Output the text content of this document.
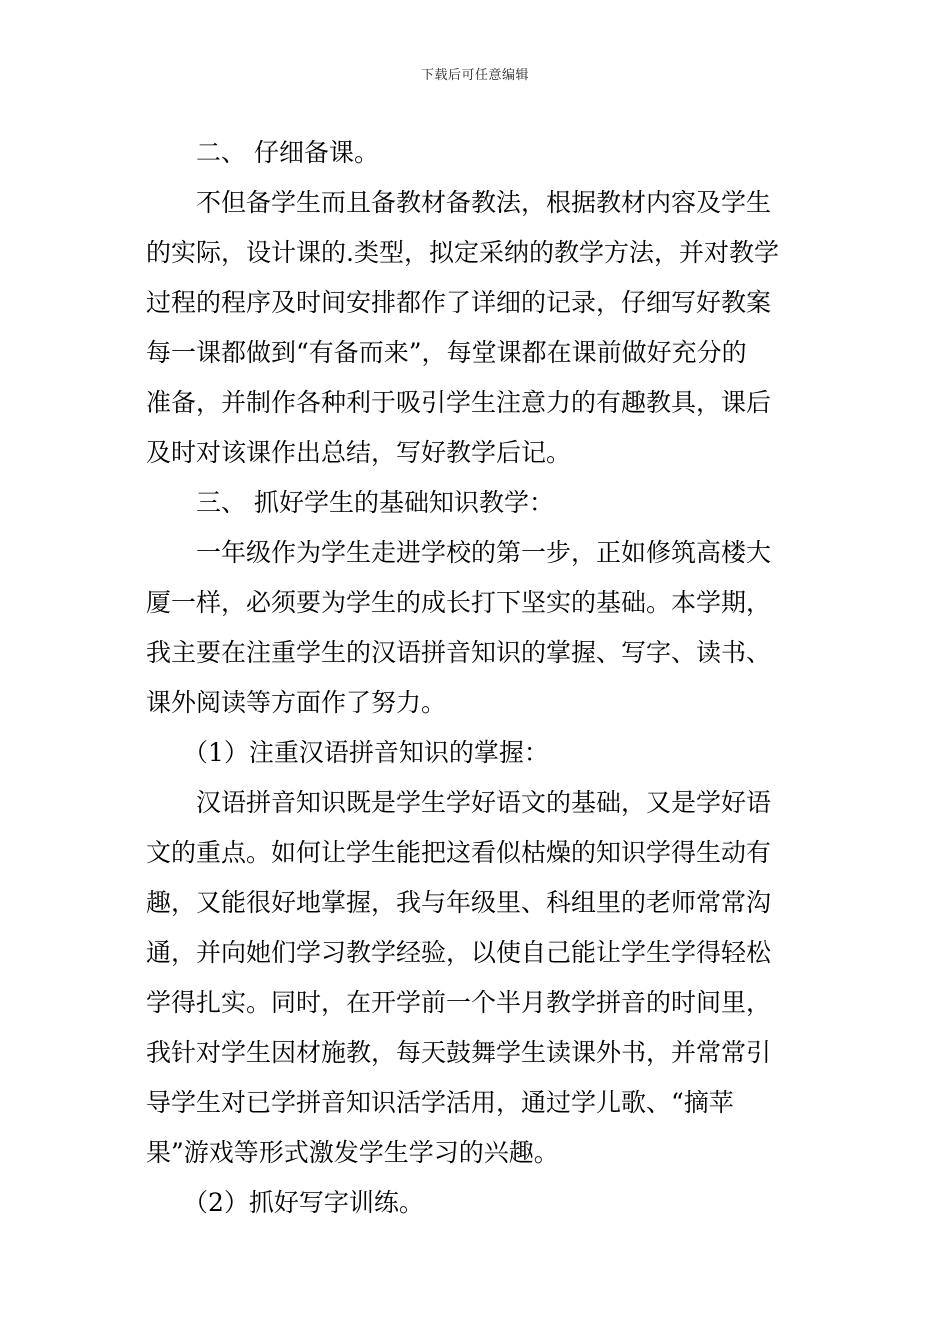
下载后可任意编辑
二、 仔细备课。
不但备学生而且备教材备教法，根据教材内容及学生
的实际，设计课的.类型，拟定采纳的教学方法，并对教学
过程的程序及时间安排都作了详细的记录，仔细写好教案
每一课都做到“有备而来”，每堂课都在课前做好充分的
准备，并制作各种利于吸引学生注意力的有趣教具，课后
及时对该课作出总结，写好教学后记。
三、 抓好学生的基础知识教学：
一年级作为学生走进学校的第一步，正如修筑高楼大
厦一样，必须要为学生的成长打下坚实的基础。本学期，
我主要在注重学生的汉语拼音知识的掌握、写字、读书、
课外阅读等方面作了努力。
（1）注重汉语拼音知识的掌握：
汉语拼音知识既是学生学好语文的基础，又是学好语
文的重点。如何让学生能把这看似枯燥的知识学得生动有
趣，又能很好地掌握，我与年级里、科组里的老师常常沟
通，并向她们学习教学经验，以使自己能让学生学得轻松
学得扎实。同时，在开学前一个半月教学拼音的时间里，
我针对学生因材施教，每天鼓舞学生读课外书，并常常引
导学生对已学拼音知识活学活用，通过学儿歌、“摘苹
果”游戏等形式激发学生学习的兴趣。
（2）抓好写字训练。
